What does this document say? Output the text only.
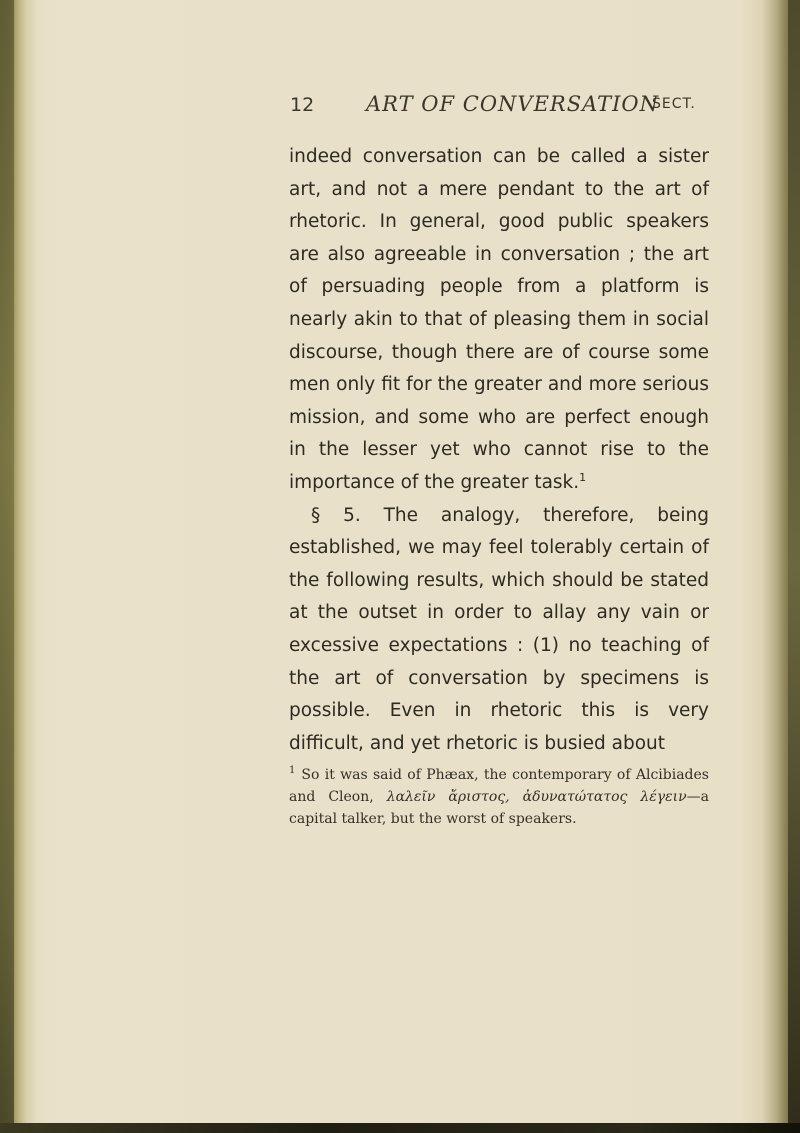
12 ART OF CONVERSATION
SECT.

indeed conversation can be called a sister art, and not a mere pendant to the art of rhetoric. In general, good public speakers are also agreeable in conversation ; the art of persuading people from a platform is nearly akin to that of pleasing them in social discourse, though there are of course some men only fit for the greater and more serious mission, and some who are perfect enough in the lesser yet who cannot rise to the importance of the greater task.$^1$

§ 5. The analogy, therefore, being established, we may feel tolerably certain of the following results, which should be stated at the outset in order to allay any vain or excessive expectations : (1) no teaching of the art of conversation by specimens is possible. Even in rhetoric this is very difficult, and yet rhetoric is busied about

$^1$ So it was said of Phæax, the contemporary of Alcibiades and Cleon, λαλεῖν ἄριστος, ἀδυνατώτατος λέγειν—a capital talker, but the worst of speakers.
